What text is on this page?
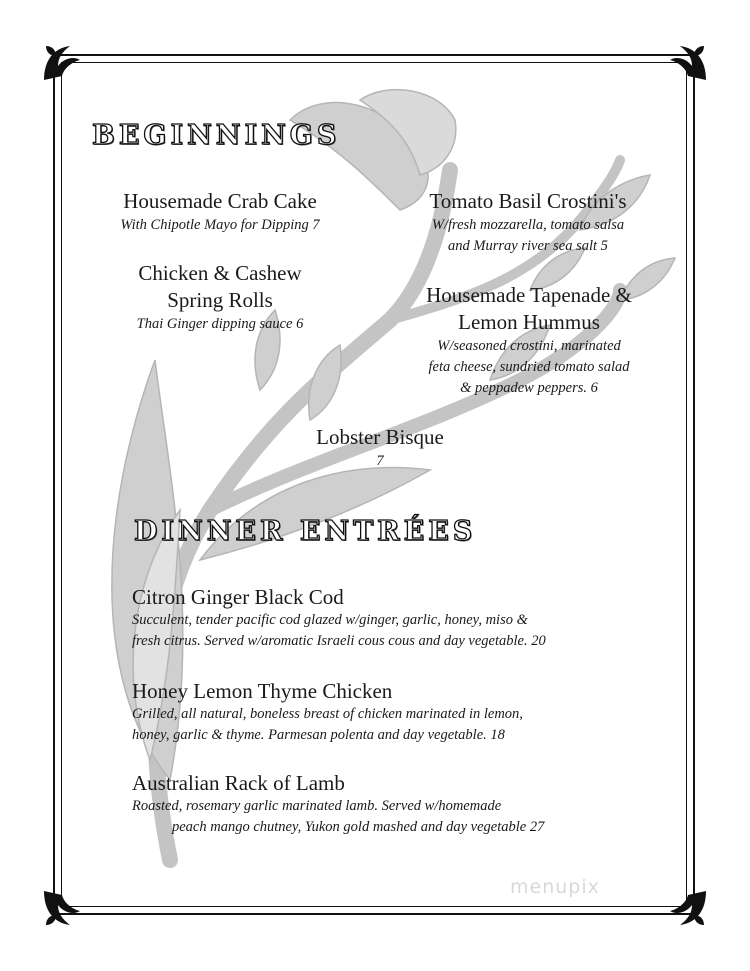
BEGINNINGS
Housemade Crab Cake
With Chipotle Mayo for Dipping 7
Tomato Basil Crostini's
W/fresh mozzarella, tomato salsa
and Murray river sea salt 5
Chicken & Cashew
Spring Rolls
Thai Ginger dipping sauce 6
Housemade Tapenade &
Lemon Hummus
W/seasoned crostini, marinated
feta cheese, sundried tomato salad
& peppadew peppers. 6
Lobster Bisque
7
DINNER ENTRÉES
Citron Ginger Black Cod
Succulent, tender pacific cod glazed w/ginger, garlic, honey, miso &
fresh citrus. Served w/aromatic Israeli cous cous and day vegetable. 20
Honey Lemon Thyme Chicken
Grilled, all natural, boneless breast of chicken marinated in lemon,
honey, garlic & thyme. Parmesan polenta and day vegetable. 18
Australian Rack of Lamb
Roasted, rosemary garlic marinated lamb. Served w/homemade
peach mango chutney, Yukon gold mashed and day vegetable 27
menupix
